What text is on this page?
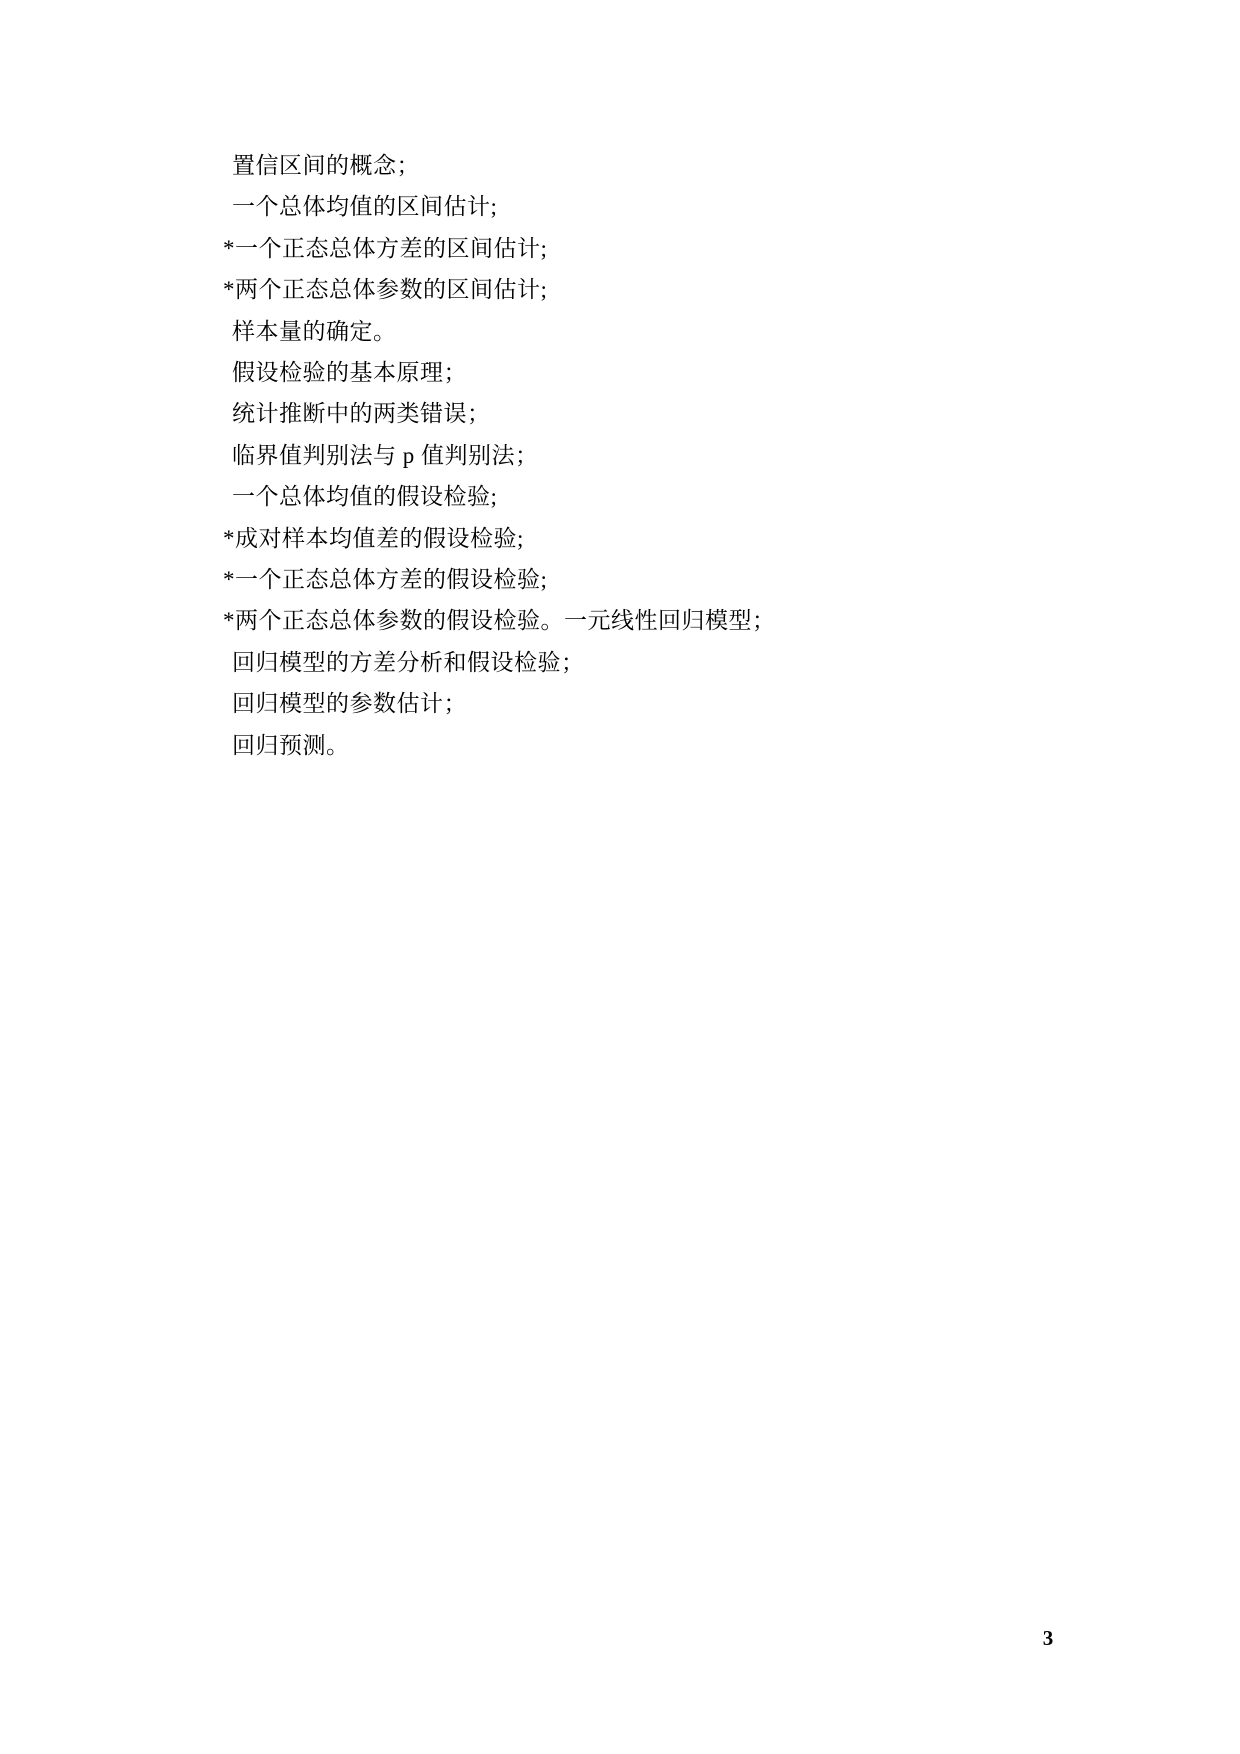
置信区间的概念；

一个总体均值的区间估计;

*一个正态总体方差的区间估计;

*两个正态总体参数的区间估计;

样本量的确定。

假设检验的基本原理；

统计推断中的两类错误；

临界值判别法与 p 值判别法；

一个总体均值的假设检验;

*成对样本均值差的假设检验;

*一个正态总体方差的假设检验;

*两个正态总体参数的假设检验。一元线性回归模型；

回归模型的方差分析和假设检验；

回归模型的参数估计；

回归预测。

3
